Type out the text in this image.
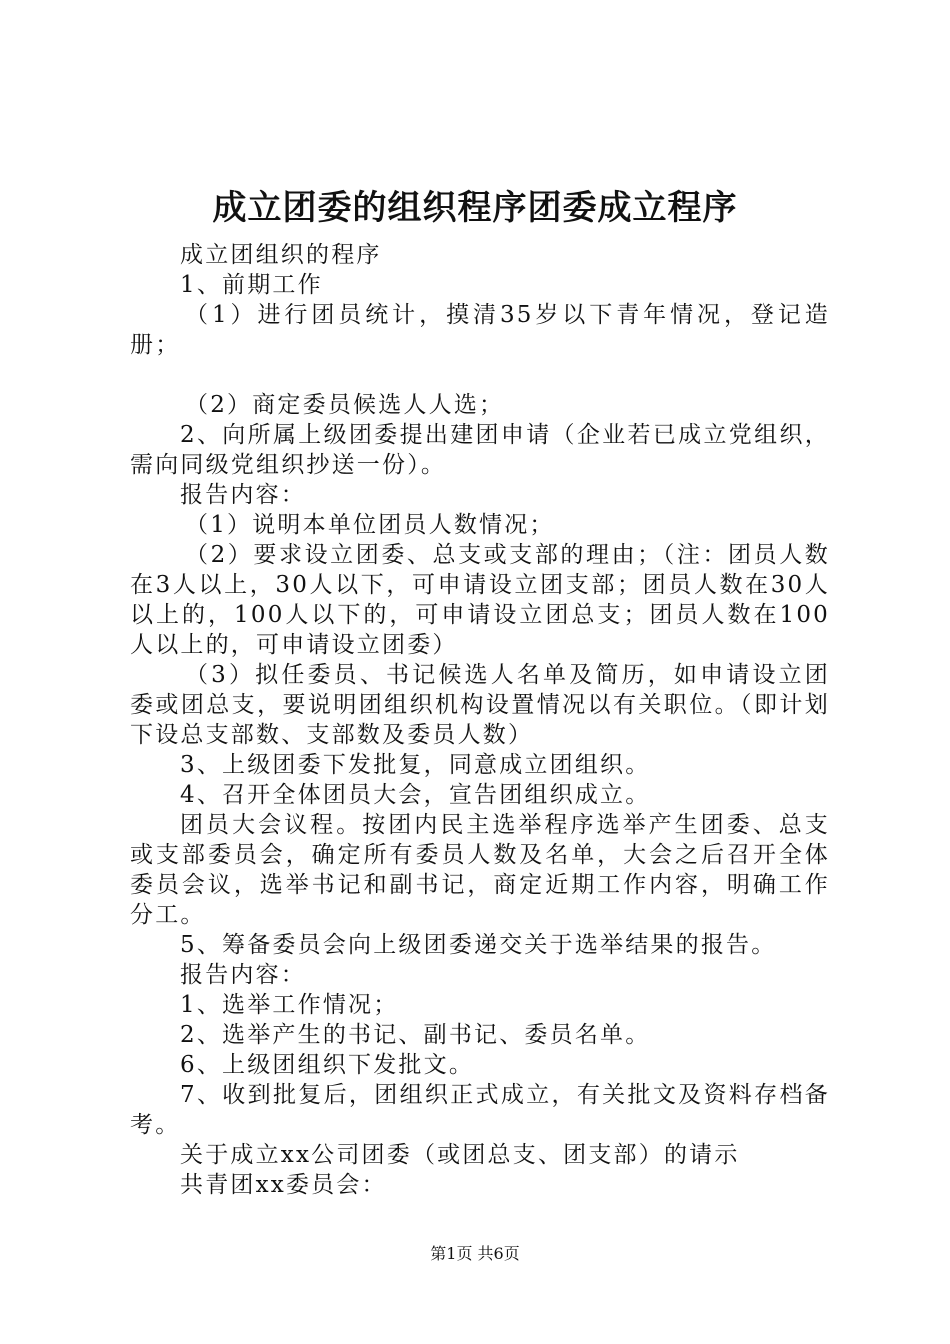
成立团委的组织程序团委成立程序

成立团组织的程序

1、前期工作

（1）进行团员统计，摸清35岁以下青年情况，登记造册；

（2）商定委员候选人人选；

2、向所属上级团委提出建团申请（企业若已成立党组织，需向同级党组织抄送一份）。

报告内容：

（1）说明本单位团员人数情况；

（2）要求设立团委、总支或支部的理由；（注：团员人数在3人以上，30人以下，可申请设立团支部；团员人数在30人以上的，100人以下的，可申请设立团总支；团员人数在100人以上的，可申请设立团委）

（3）拟任委员、书记候选人名单及简历，如申请设立团委或团总支，要说明团组织机构设置情况以有关职位。（即计划下设总支部数、支部数及委员人数）

3、上级团委下发批复，同意成立团组织。

4、召开全体团员大会，宣告团组织成立。

团员大会议程。按团内民主选举程序选举产生团委、总支或支部委员会，确定所有委员人数及名单，大会之后召开全体委员会议，选举书记和副书记，商定近期工作内容，明确工作分工。

5、筹备委员会向上级团委递交关于选举结果的报告。

报告内容：

1、选举工作情况；

2、选举产生的书记、副书记、委员名单。

6、上级团组织下发批文。

7、收到批复后，团组织正式成立，有关批文及资料存档备考。

关于成立xx公司团委（或团总支、团支部）的请示

共青团xx委员会：

第1页 共6页
